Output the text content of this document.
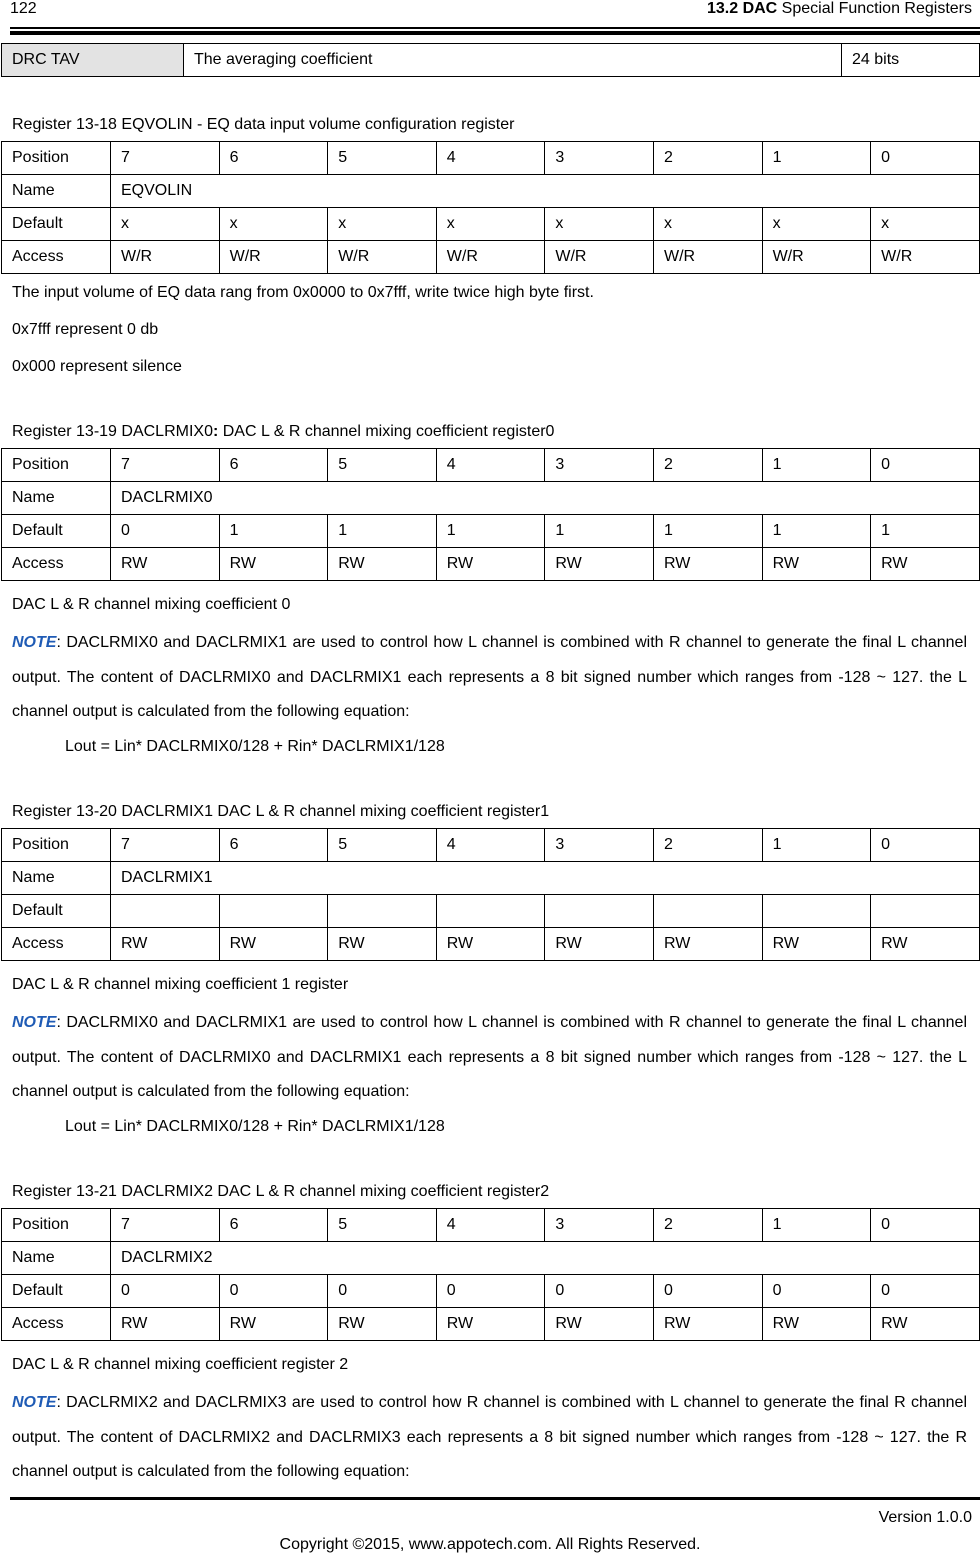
122	13.2 DAC Special Function Registers
DRC TAV	The averaging coefficient	24 bits
Register 13-18 EQVOLIN - EQ data input volume configuration register
Position	7	6	5	4	3	2	1	0
Name	EQVOLIN							
Default	x	x	x	x	x	x	x	x
Access	W/R	W/R	W/R	W/R	W/R	W/R	W/R	W/R
The input volume of EQ data rang from 0x0000 to 0x7fff, write twice high byte first.
0x7fff represent 0 db
0x000 represent silence
Register 13-19 DACLRMIX0: DAC L & R channel mixing coefficient register0
Position	7	6	5	4	3	2	1	0
Name	DACLRMIX0							
Default	0	1	1	1	1	1	1	1
Access	RW	RW	RW	RW	RW	RW	RW	RW
DAC L & R channel mixing coefficient 0
NOTE: DACLRMIX0 and DACLRMIX1 are used to control how L channel is combined with R channel to generate the final L channel output. The content of DACLRMIX0 and DACLRMIX1 each represents a 8 bit signed number which ranges from -128 ~ 127. the L channel output is calculated from the following equation:
Lout = Lin* DACLRMIX0/128 + Rin* DACLRMIX1/128
Register 13-20 DACLRMIX1 DAC L & R channel mixing coefficient register1
Position	7	6	5	4	3	2	1	0
Name	DACLRMIX1							
Default								
Access	RW	RW	RW	RW	RW	RW	RW	RW
DAC L & R channel mixing coefficient 1 register
NOTE: DACLRMIX0 and DACLRMIX1 are used to control how L channel is combined with R channel to generate the final L channel output. The content of DACLRMIX0 and DACLRMIX1 each represents a 8 bit signed number which ranges from -128 ~ 127. the L channel output is calculated from the following equation:
Lout = Lin* DACLRMIX0/128 + Rin* DACLRMIX1/128
Register 13-21 DACLRMIX2 DAC L & R channel mixing coefficient register2
Position	7	6	5	4	3	2	1	0
Name	DACLRMIX2							
Default	0	0	0	0	0	0	0	0
Access	RW	RW	RW	RW	RW	RW	RW	RW
DAC L & R channel mixing coefficient register 2
NOTE: DACLRMIX2 and DACLRMIX3 are used to control how R channel is combined with L channel to generate the final R channel output. The content of DACLRMIX2 and DACLRMIX3 each represents a 8 bit signed number which ranges from -128 ~ 127. the R channel output is calculated from the following equation:
Version 1.0.0
Copyright ©2015, www.appotech.com. All Rights Reserved.
